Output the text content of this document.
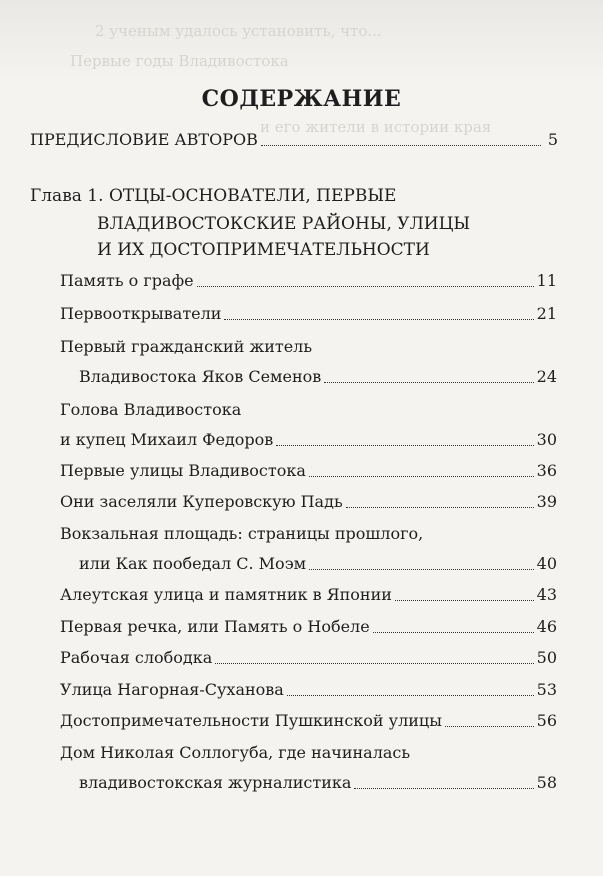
2 ученым удалось установить, что...
Первые годы Владивостока
и его жители в истории края
СОДЕРЖАНИЕ
ПРЕДИСЛОВИЕ АВТОРОВ	5
Глава 1. ОТЦЫ-ОСНОВАТЕЛИ, ПЕРВЫЕ
ВЛАДИВОСТОКСКИЕ РАЙОНЫ, УЛИЦЫ
И ИХ ДОСТОПРИМЕЧАТЕЛЬНОСТИ
Память о графе	11
Первооткрыватели	21
Первый гражданский житель
Владивостока Яков Семенов	24
Голова Владивостока
и купец Михаил Федоров	30
Первые улицы Владивостока	36
Они заселяли Куперовскую Падь	39
Вокзальная площадь: страницы прошлого,
или Как пообедал С. Моэм	40
Алеутская улица и памятник в Японии	43
Первая речка, или Память о Нобеле	46
Рабочая слободка	50
Улица Нагорная-Суханова	53
Достопримечательности Пушкинской улицы	56
Дом Николая Соллогуба, где начиналась
владивостокская журналистика	58
